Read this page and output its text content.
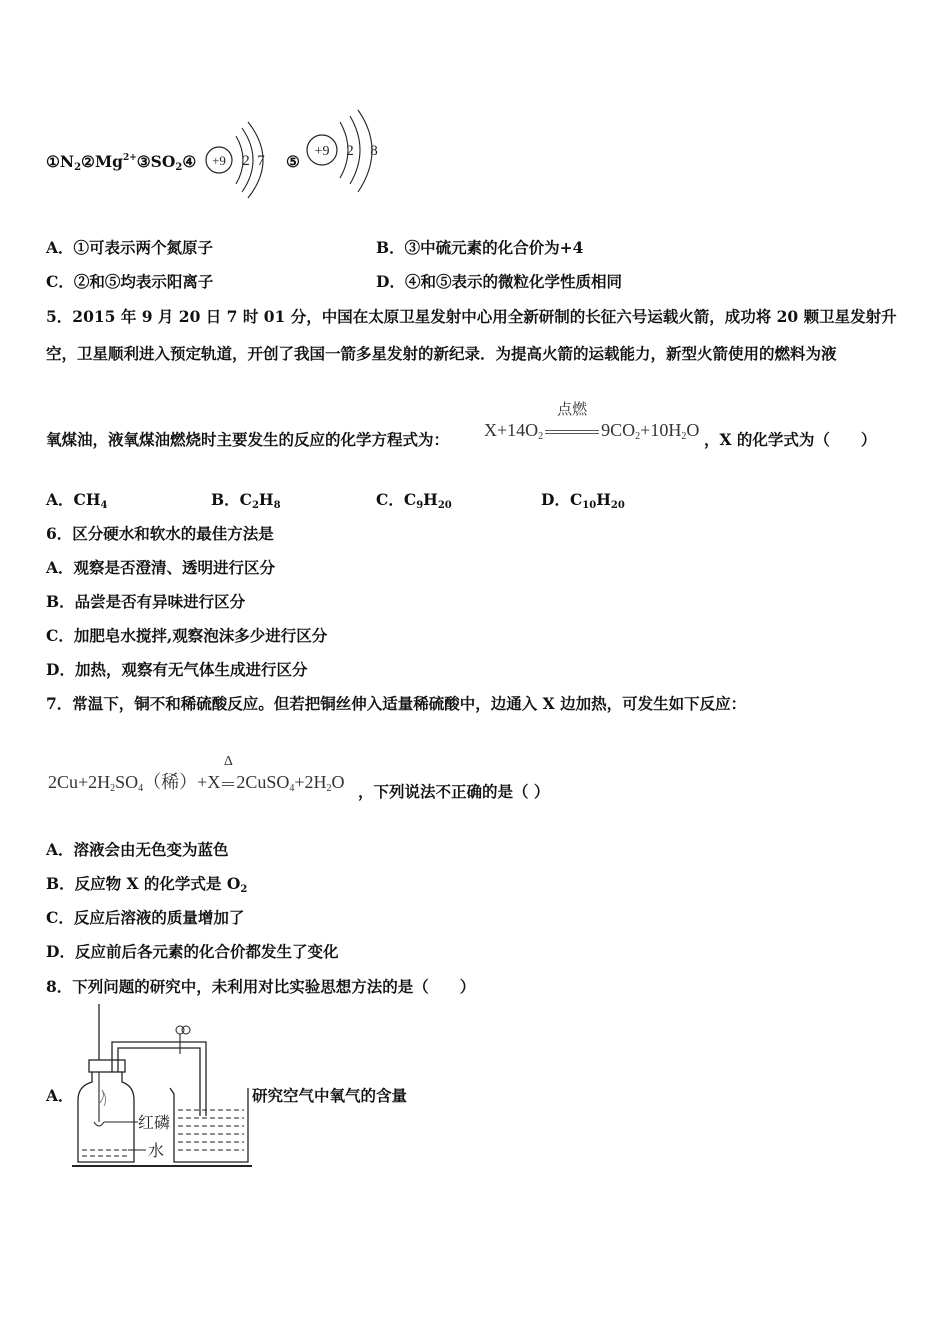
$①N_2②Mg^{2+}③SO_2④ +9$ 2 7 ⑤
+9 2 8
A．①可表示两个氮原子	B．③中硫元素的化合价为+4
C．②和⑤均表示阳离子	D．④和⑤表示的微粒化学性质相同
5．2015 年 9 月 20 日 7 时 01 分，中国在太原卫星发射中心用全新研制的长征六号运载火箭，成功将 20 颗卫星发射升
空，卫星顺利进入预定轨道，开创了我国一箭多星发射的新纪录．为提高火箭的运载能力，新型火箭使用的燃料为液
氧煤油，液氧煤油燃烧时主要发生的反应的化学方程式为： $X+14O_2$
点燃
$9CO_2+10H_2O$ ，X 的化学式为（　　）
A．$CH_4$	B．$C_2H_8$	C．$C_9H_{20}$	D．$C_{10}H_{20}$
6．区分硬水和软水的最佳方法是
A．观察是否澄清、透明进行区分
B．品尝是否有异味进行区分
C．加肥皂水搅拌,观察泡沫多少进行区分
D．加热，观察有无气体生成进行区分
7．常温下，铜不和稀硫酸反应。但若把铜丝伸入适量稀硫酸中，边通入 X 边加热，可发生如下反应：
$2Cu+2H_2SO_4$（稀）+X
Δ
$2CuSO_4+2H_2O$ ，下列说法不正确的是（ ）
A．溶液会由无色变为蓝色
B．反应物 X 的化学式是 $O_2$
C．反应后溶液的质量增加了
D．反应前后各元素的化合价都发生了变化
8．下列问题的研究中，未利用对比实验思想方法的是（　　）
A．	研究空气中氧气的含量
红磷
水
